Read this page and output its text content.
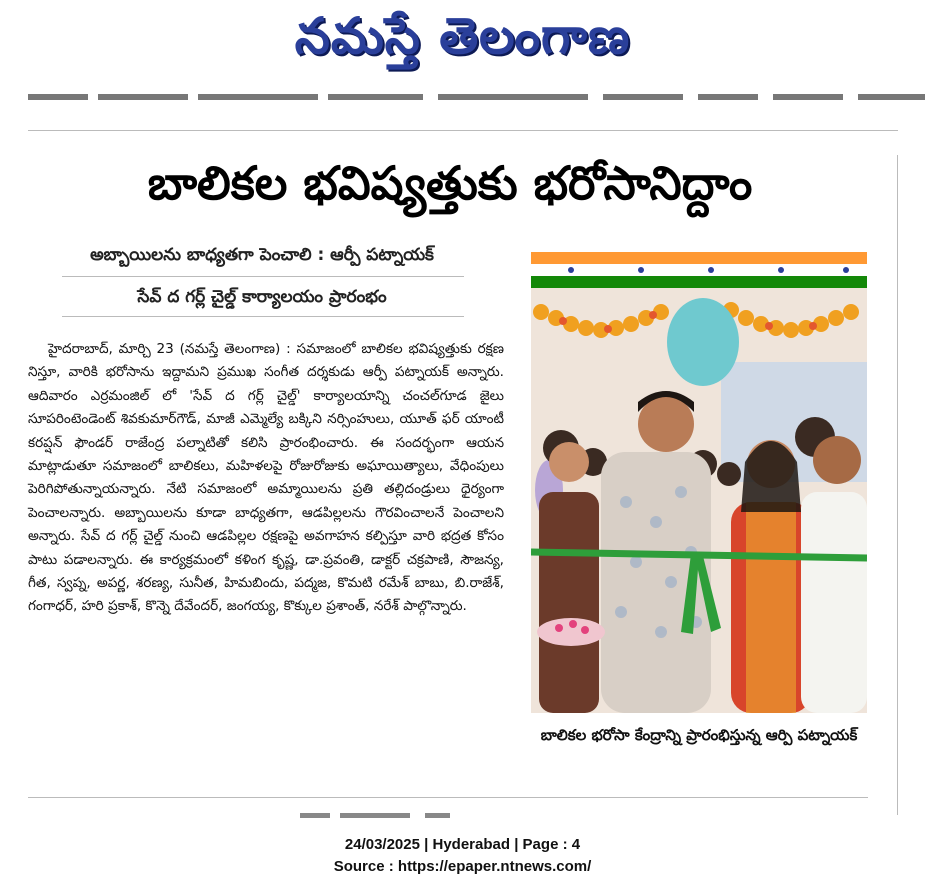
నమస్తే తెలంగాణ
బాలికల భవిష్యత్తుకు భరోసానిద్దాం
అబ్బాయిలను బాధ్యతగా పెంచాలి : ఆర్పీ పట్నాయక్
సేవ్ ద గర్ల్ చైల్డ్ కార్యాలయం ప్రారంభం

హైదరాబాద్, మార్చి 23 (నమస్తే తెలంగాణ) : సమాజంలో బాలికల భవిష్యత్తుకు రక్షణ నిస్తూ, వారికి భరోసాను ఇద్దామని ప్రముఖ సంగీత దర్శకుడు ఆర్పీ పట్నాయక్ అన్నారు. ఆదివారం ఎర్రమంజిల్ లో 'సేవ్ ద గర్ల్ చైల్డ్' కార్యాలయాన్ని చంచల్‌గూడ జైలు సూపరింటెండెంట్ శివకుమార్‌గౌడ్, మాజీ ఎమ్మెల్యే బక్కిని నర్సింహులు, యూత్ ఫర్ యాంటీ కరప్షన్ ఫౌండర్ రాజేంద్ర పల్నాటితో కలిసి ప్రారంభించారు. ఈ సందర్భంగా ఆయన మాట్లాడుతూ సమాజంలో బాలికలు, మహిళలపై రోజురోజుకు అఘాయిత్యాలు, వేధింపులు పెరిగిపోతున్నాయన్నారు. నేటి సమాజంలో అమ్మాయిలను ప్రతి తల్లిదండ్రులు ధైర్యంగా పెంచాలన్నారు. అబ్బాయిలను కూడా బాధ్యతగా, ఆడపిల్లలను గౌరవించాలనే పెంచాలని అన్నారు. సేవ్ ద గర్ల్ చైల్డ్ నుంచి ఆడపిల్లల రక్షణపై అవగాహన కల్పిస్తూ వారి భద్రత కోసం పాటు పడాలన్నారు. ఈ కార్యక్రమంలో కళింగ కృష్ణ, డా.ప్రవంతి, డాక్టర్ చక్రపాణి, సౌజన్య, గీత, స్వప్న, అపర్ణ, శరణ్య, సునీత, హిమబిందు, పద్మజ, కొమటి రమేశ్ బాబు, బి.రాజేశ్, గంగాధర్, హరి ప్రకాశ్, కొన్నె దేవేందర్, జంగయ్య, కొక్కుల ప్రశాంత్, నరేశ్ పాల్గొన్నారు.

బాలికల భరోసా కేంద్రాన్ని ప్రారంభిస్తున్న ఆర్పి పట్నాయక్
24/03/2025 | Hyderabad | Page : 4
Source : https://epaper.ntnews.com/
